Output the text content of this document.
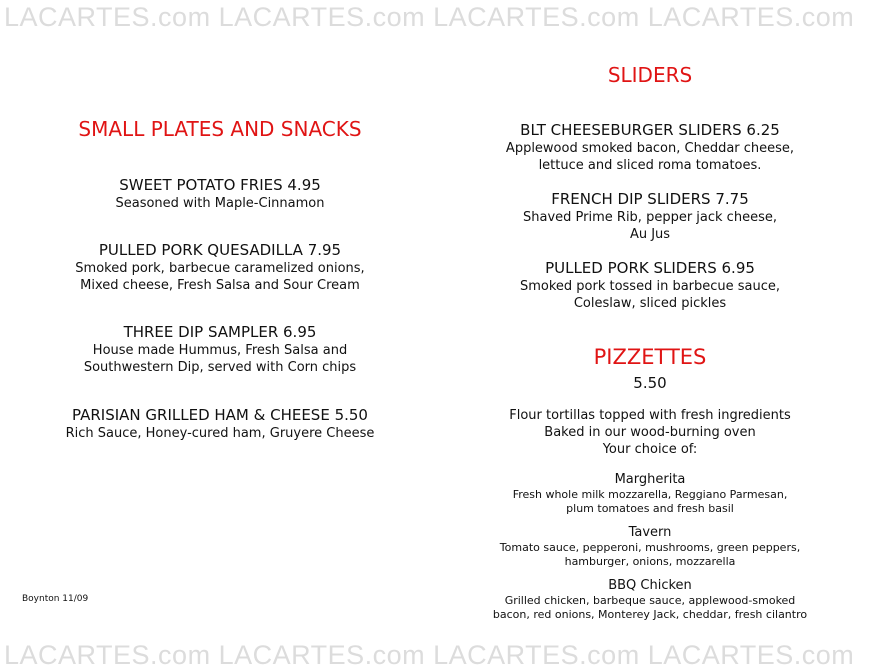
LACARTES.com LACARTES.com LACARTES.com LACARTES.com
SMALL PLATES AND SNACKS
SWEET POTATO FRIES 4.95
Seasoned with Maple-Cinnamon
PULLED PORK QUESADILLA 7.95
Smoked pork, barbecue caramelized onions,
Mixed cheese, Fresh Salsa and Sour Cream
THREE DIP SAMPLER 6.95
House made Hummus, Fresh Salsa and
Southwestern Dip, served with Corn chips
PARISIAN GRILLED HAM & CHEESE 5.50
Rich Sauce, Honey-cured ham, Gruyere Cheese
Boynton 11/09
SLIDERS
BLT CHEESEBURGER SLIDERS 6.25
Applewood smoked bacon, Cheddar cheese,
lettuce and sliced roma tomatoes.
FRENCH DIP SLIDERS 7.75
Shaved Prime Rib, pepper jack cheese,
Au Jus
PULLED PORK SLIDERS 6.95
Smoked pork tossed in barbecue sauce,
Coleslaw, sliced pickles
PIZZETTES
5.50
Flour tortillas topped with fresh ingredients
Baked in our wood-burning oven
Your choice of:
Margherita
Fresh whole milk mozzarella, Reggiano Parmesan,
plum tomatoes and fresh basil
Tavern
Tomato sauce, pepperoni, mushrooms, green peppers,
hamburger, onions, mozzarella
BBQ Chicken
Grilled chicken, barbeque sauce, applewood-smoked
bacon, red onions, Monterey Jack, cheddar, fresh cilantro
LACARTES.com LACARTES.com LACARTES.com LACARTES.com
